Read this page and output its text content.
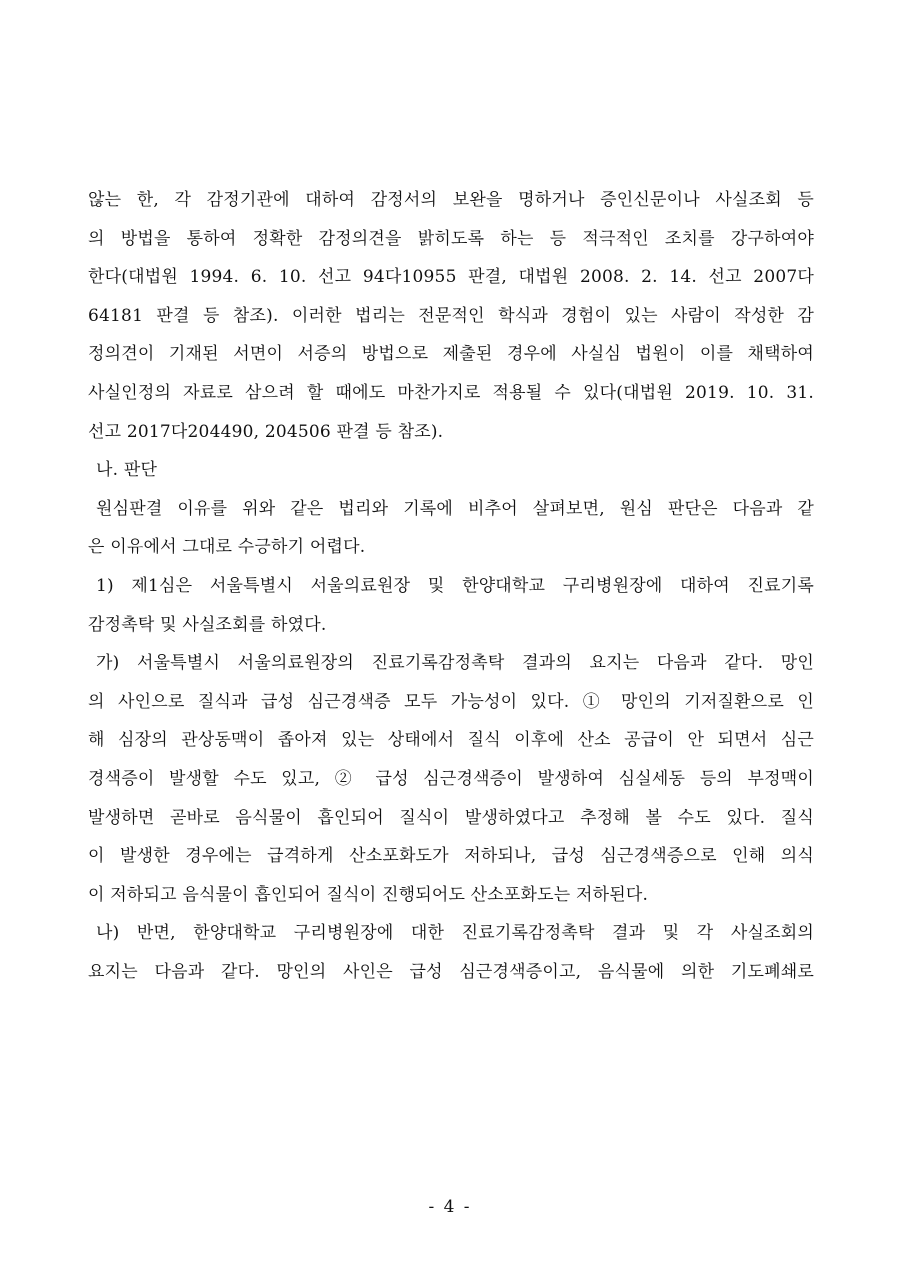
않는 한, 각 감정기관에 대하여 감정서의 보완을 명하거나 증인신문이나 사실조회 등
의 방법을 통하여 정확한 감정의견을 밝히도록 하는 등 적극적인 조치를 강구하여야
한다(대법원 1994. 6. 10. 선고 94다10955 판결, 대법원 2008. 2. 14. 선고 2007다
64181 판결 등 참조). 이러한 법리는 전문적인 학식과 경험이 있는 사람이 작성한 감
정의견이 기재된 서면이 서증의 방법으로 제출된 경우에 사실심 법원이 이를 채택하여
사실인정의 자료로 삼으려 할 때에도 마찬가지로 적용될 수 있다(대법원 2019. 10. 31.
선고 2017다204490, 204506 판결 등 참조).
나. 판단
원심판결 이유를 위와 같은 법리와 기록에 비추어 살펴보면, 원심 판단은 다음과 같
은 이유에서 그대로 수긍하기 어렵다.
1) 제1심은 서울특별시 서울의료원장 및 한양대학교 구리병원장에 대하여 진료기록
감정촉탁 및 사실조회를 하였다.
가) 서울특별시 서울의료원장의 진료기록감정촉탁 결과의 요지는 다음과 같다. 망인
의 사인으로 질식과 급성 심근경색증 모두 가능성이 있다. ① 망인의 기저질환으로 인
해 심장의 관상동맥이 좁아져 있는 상태에서 질식 이후에 산소 공급이 안 되면서 심근
경색증이 발생할 수도 있고, ② 급성 심근경색증이 발생하여 심실세동 등의 부정맥이
발생하면 곧바로 음식물이 흡인되어 질식이 발생하였다고 추정해 볼 수도 있다. 질식
이 발생한 경우에는 급격하게 산소포화도가 저하되나, 급성 심근경색증으로 인해 의식
이 저하되고 음식물이 흡인되어 질식이 진행되어도 산소포화도는 저하된다.
나) 반면, 한양대학교 구리병원장에 대한 진료기록감정촉탁 결과 및 각 사실조회의
요지는 다음과 같다. 망인의 사인은 급성 심근경색증이고, 음식물에 의한 기도폐쇄로
- 4 -
